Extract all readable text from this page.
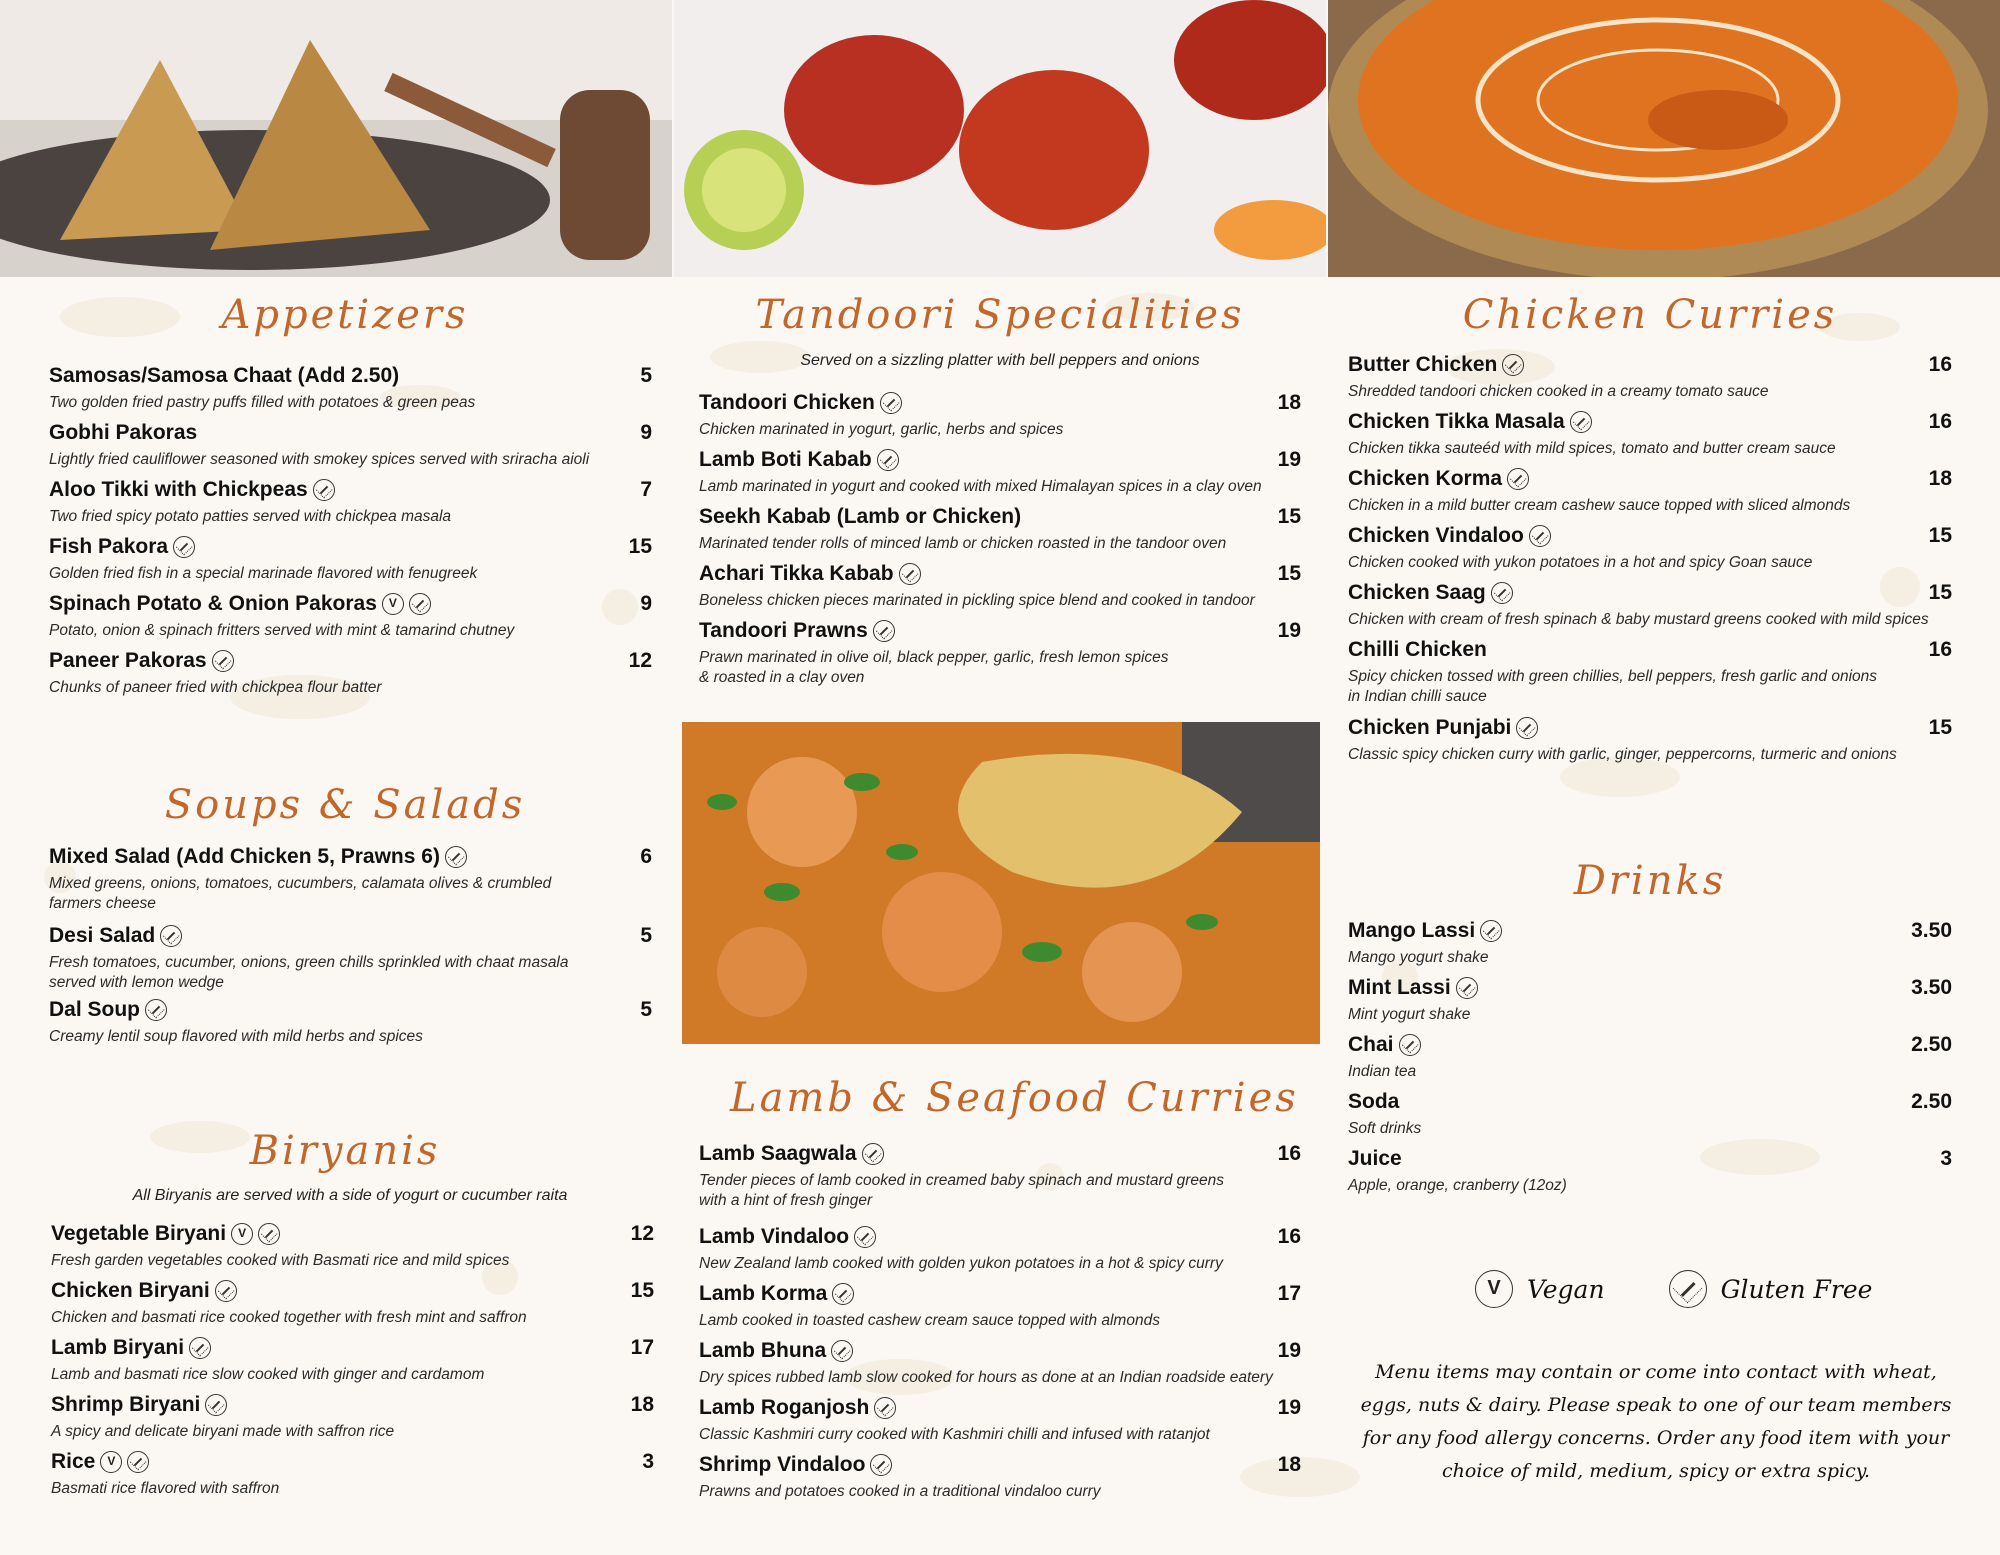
Appetizers	Tandoori Specialities
Served on a sizzling platter with bell peppers and onions
Chicken Curries
Soups & Salads
Biryanis
All Biryanis are served with a side of yogurt or cucumber raita
Lamb & Seafood Curries
Drinks
Samosas/Samosa Chaat (Add 2.50)	5
Two golden fried pastry puffs filled with potatoes & green peas
Gobhi Pakoras	9
Lightly fried cauliflower seasoned with smokey spices served with sriracha aioli
Aloo Tikki with Chickpeas	7
Two fried spicy potato patties served with chickpea masala
Fish Pakora	15
Golden fried fish in a special marinade flavored with fenugreek
Spinach Potato & Onion Pakoras V	9
Potato, onion & spinach fritters served with mint & tamarind chutney
Paneer Pakoras	12
Chunks of paneer fried with chickpea flour batter
Mixed Salad (Add Chicken 5, Prawns 6)	6
Mixed greens, onions, tomatoes, cucumbers, calamata olives & crumbled
farmers cheese
Desi Salad	5
Fresh tomatoes, cucumber, onions, green chills sprinkled with chaat masala
served with lemon wedge
Dal Soup	5
Creamy lentil soup flavored with mild herbs and spices
Vegetable Biryani V	12
Fresh garden vegetables cooked with Basmati rice and mild spices
Chicken Biryani	15
Chicken and basmati rice cooked together with fresh mint and saffron
Lamb Biryani	17
Lamb and basmati rice slow cooked with ginger and cardamom
Shrimp Biryani	18
A spicy and delicate biryani made with saffron rice
Rice V	3
Basmati rice flavored with saffron
Tandoori Chicken	18
Chicken marinated in yogurt, garlic, herbs and spices
Lamb Boti Kabab	19
Lamb marinated in yogurt and cooked with mixed Himalayan spices in a clay oven
Seekh Kabab (Lamb or Chicken)	15
Marinated tender rolls of minced lamb or chicken roasted in the tandoor oven
Achari Tikka Kabab	15
Boneless chicken pieces marinated in pickling spice blend and cooked in tandoor
Tandoori Prawns	19
Prawn marinated in olive oil, black pepper, garlic, fresh lemon spices
& roasted in a clay oven
Lamb Saagwala	16
Tender pieces of lamb cooked in creamed baby spinach and mustard greens
with a hint of fresh ginger
Lamb Vindaloo	16
New Zealand lamb cooked with golden yukon potatoes in a hot & spicy curry
Lamb Korma	17
Lamb cooked in toasted cashew cream sauce topped with almonds
Lamb Bhuna	19
Dry spices rubbed lamb slow cooked for hours as done at an Indian roadside eatery
Lamb Roganjosh	19
Classic Kashmiri curry cooked with Kashmiri chilli and infused with ratanjot
Shrimp Vindaloo	18
Prawns and potatoes cooked in a traditional vindaloo curry
Butter Chicken	16
Shredded tandoori chicken cooked in a creamy tomato sauce
Chicken Tikka Masala	16
Chicken tikka sauteéd with mild spices, tomato and butter cream sauce
Chicken Korma	18
Chicken in a mild butter cream cashew sauce topped with sliced almonds
Chicken Vindaloo	15
Chicken cooked with yukon potatoes in a hot and spicy Goan sauce
Chicken Saag	15
Chicken with cream of fresh spinach & baby mustard greens cooked with mild spices
Chilli Chicken	16
Spicy chicken tossed with green chillies, bell peppers, fresh garlic and onions
in Indian chilli sauce
Chicken Punjabi	15
Classic spicy chicken curry with garlic, ginger, peppercorns, turmeric and onions
Mango Lassi	3.50
Mango yogurt shake
Mint Lassi	3.50
Mint yogurt shake
Chai	2.50
Indian tea
Soda	2.50
Soft drinks
Juice	3
Apple, orange, cranberry (12oz)
V	Vegan	Gluten Free
Menu items may contain or come into contact with wheat, eggs, nuts & dairy. Please speak to one of our team members for any food allergy concerns. Order any food item with your choice of mild, medium, spicy or extra spicy.
